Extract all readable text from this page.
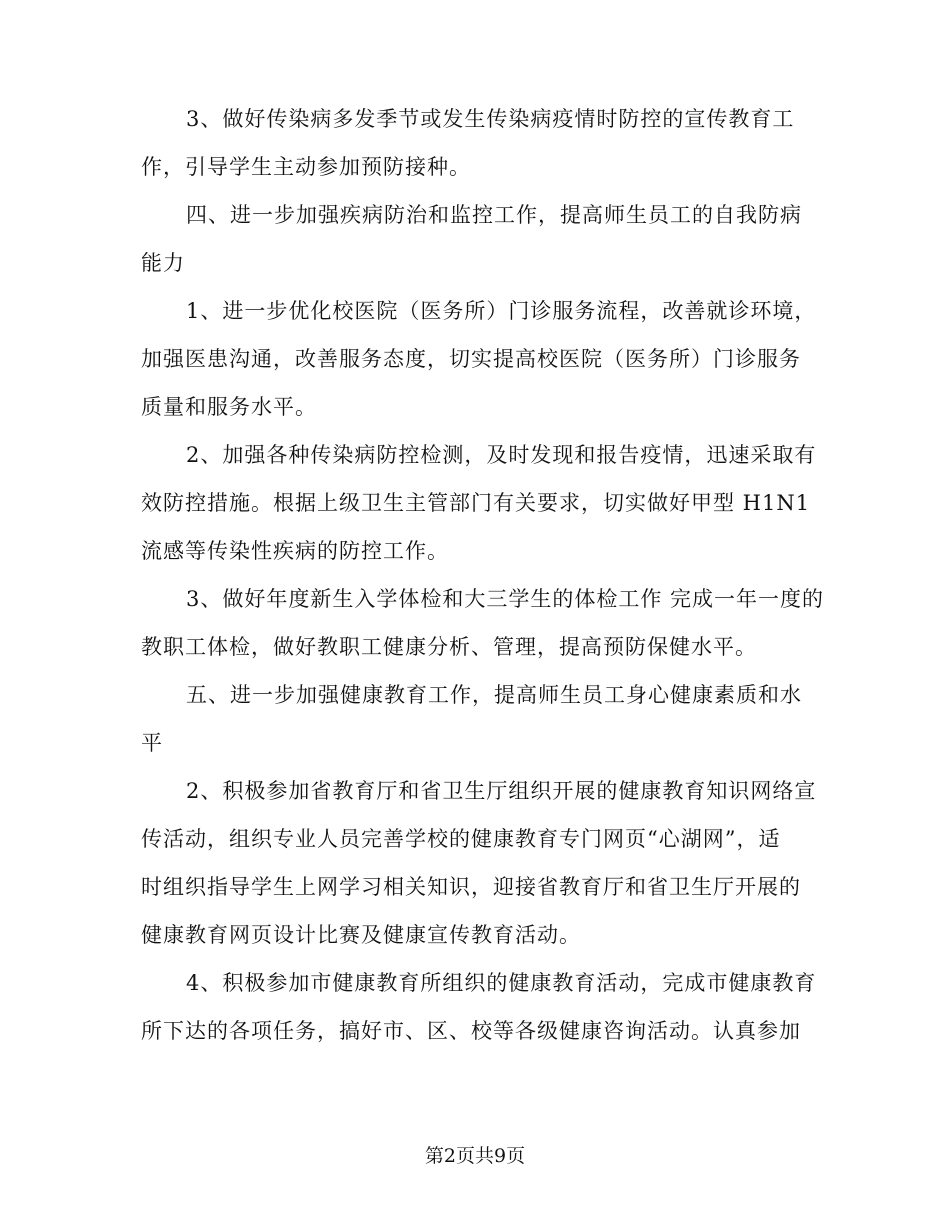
3、做好传染病多发季节或发生传染病疫情时防控的宣传教育工
作，引导学生主动参加预防接种。
四、进一步加强疾病防治和监控工作，提高师生员工的自我防病
能力
1、进一步优化校医院（医务所）门诊服务流程，改善就诊环境，
加强医患沟通，改善服务态度，切实提高校医院（医务所）门诊服务
质量和服务水平。
2、加强各种传染病防控检测，及时发现和报告疫情，迅速采取有
效防控措施。根据上级卫生主管部门有关要求，切实做好甲型 H1N1
流感等传染性疾病的防控工作。
3、做好年度新生入学体检和大三学生的体检工作 完成一年一度的
教职工体检，做好教职工健康分析、管理，提高预防保健水平。
五、进一步加强健康教育工作，提高师生员工身心健康素质和水
平
2、积极参加省教育厅和省卫生厅组织开展的健康教育知识网络宣
传活动，组织专业人员完善学校的健康教育专门网页“心湖网”，适
时组织指导学生上网学习相关知识，迎接省教育厅和省卫生厅开展的
健康教育网页设计比赛及健康宣传教育活动。
4、积极参加市健康教育所组织的健康教育活动，完成市健康教育
所下达的各项任务，搞好市、区、校等各级健康咨询活动。认真参加
第2页共9页
